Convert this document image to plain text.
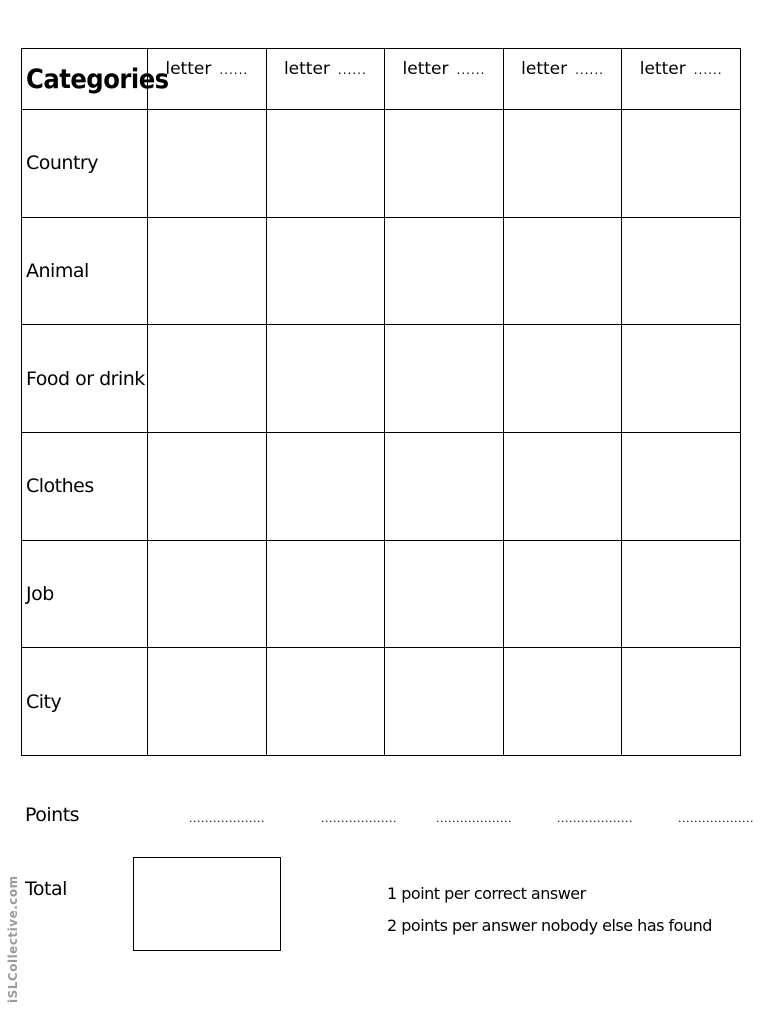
Categories	letter ......	letter ......	letter ......	letter ......	letter ......
Country					
Animal					
Food or drink					
Clothes					
Job					
City					
Points	...................	...................	...................	...................	...................
Total	1 point per correct answer
2 points per answer nobody else has found
iSLCollective.com
